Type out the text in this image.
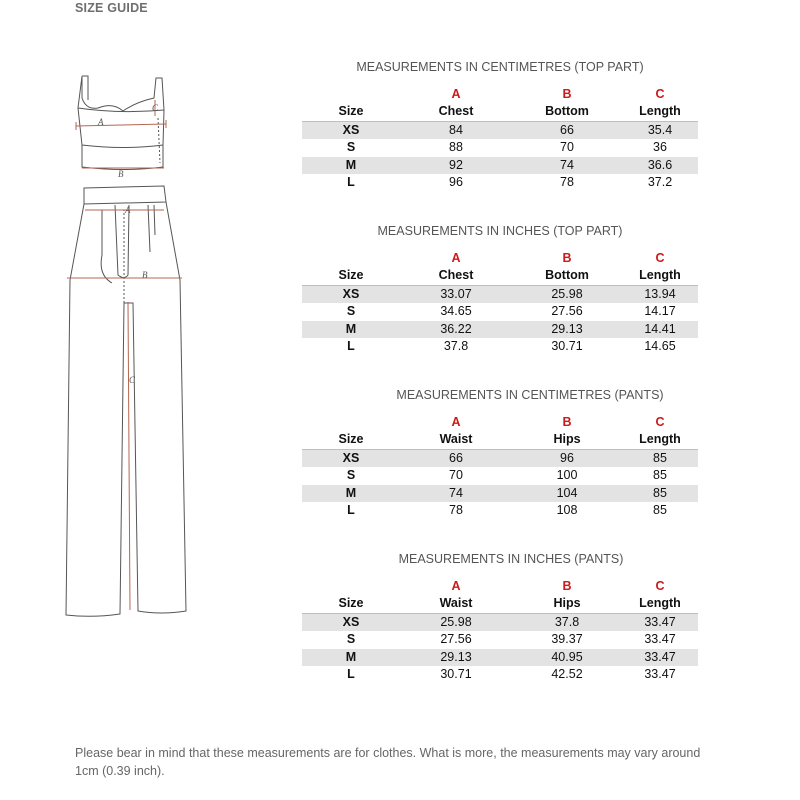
SIZE GUIDE
A
B
C
A
B
C
MEASUREMENTS IN CENTIMETRES (TOP PART)
	A	B	C
Size	Chest	Bottom	Length
XS	84	66	35.4
S	88	70	36
M	92	74	36.6
L	96	78	37.2
MEASUREMENTS IN INCHES (TOP PART)
	A	B	C
Size	Chest	Bottom	Length
XS	33.07	25.98	13.94
S	34.65	27.56	14.17
M	36.22	29.13	14.41
L	37.8	30.71	14.65
MEASUREMENTS IN CENTIMETRES (PANTS)
	A	B	C
Size	Waist	Hips	Length
XS	66	96	85
S	70	100	85
M	74	104	85
L	78	108	85
MEASUREMENTS IN INCHES (PANTS)
	A	B	C
Size	Waist	Hips	Length
XS	25.98	37.8	33.47
S	27.56	39.37	33.47
M	29.13	40.95	33.47
L	30.71	42.52	33.47
Please bear in mind that these measurements are for clothes. What is more, the measurements may vary around 1cm (0.39 inch).
